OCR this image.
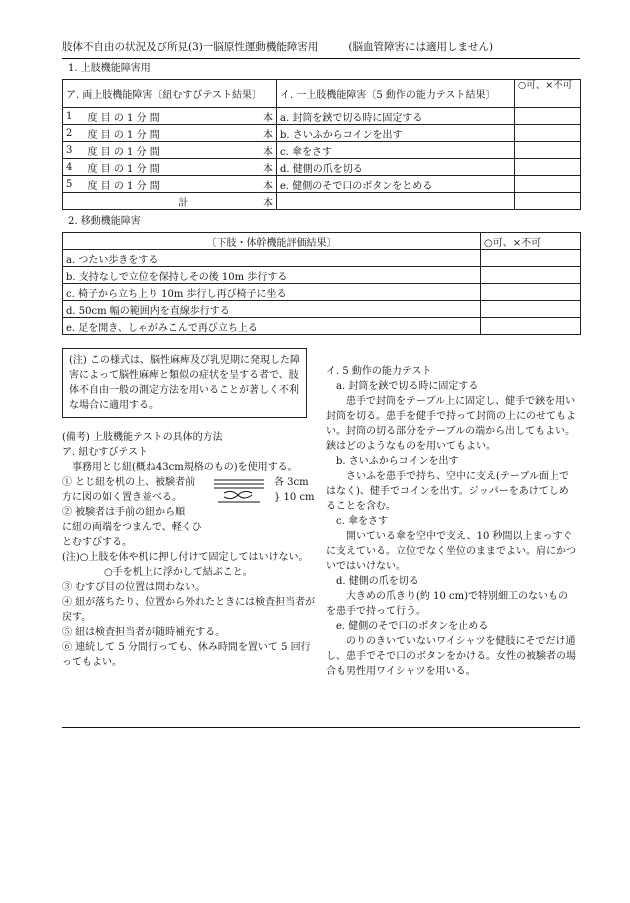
肢体不自由の状況及び所見(3)一脳原性運動機能障害用	(脳血管障害には適用しません)
1. 上肢機能障害用
ア. 両上肢機能障害〔紐むすびテスト結果〕			イ. 一上肢機能障害〔5 動作の能力テスト結果〕	○可、×不可
1	度 目 の 1 分 間	本	a. 封筒を鋏で切る時に固定する	
2	度 目 の 1 分 間	本	b. さいふからコインを出す	
3	度 目 の 1 分 間	本	c. 傘をさす	
4	度 目 の 1 分 間	本	d. 健側の爪を切る	
5	度 目 の 1 分 間	本	e. 健側のそで口のボタンをとめる	
計		本		
2. 移動機能障害
〔下肢・体幹機能評価結果〕	○可、×不可
a. つたい歩きをする	
b. 支持なしで立位を保持しその後 10m 歩行する	
c. 椅子から立ち上り 10m 歩行し再び椅子に坐る	
d. 50cm 幅の範囲内を直線歩行する	
e. 足を開き、しゃがみこんで再び立ち上る	

(注) この様式は、脳性麻痺及び乳児期に発現した障害によって脳性麻痺と類似の症状を呈する者で、肢体不自由一般の測定方法を用いることが著しく不利な場合に適用する。

(備考) 上肢機能テストの具体的方法

ア. 紐むすびテスト

事務用とじ紐(概ね43cm規格のもの)を使用する。

① とじ紐を机の上、被験者前

方に図の如く置き並べる。

各 3cm

} 10 cm

② 被験者は手前の紐から順

に紐の両端をつまんで、軽くひ

とむすびする。

(注)○上肢を体や机に押し付けて固定してはいけない。

○手を机上に浮かして結ぶこと。

③ むすび目の位置は問わない。

④ 紐が落ちたり、位置から外れたときには検査担当者が戻す。

⑤ 紐は検査担当者が随時補充する。

⑥ 連続して 5 分間行っても、休み時間を置いて 5 回行ってもよい。

イ. 5 動作の能力テスト

a. 封筒を鋏で切る時に固定する

患手で封筒をテーブル上に固定し、健手で鋏を用い封筒を切る。患手を健手で持って封筒の上にのせてもよい。封筒の切る部分をテーブルの端から出してもよい。鋏はどのようなものを用いてもよい。

b. さいふからコインを出す

さいふを患手で持ち、空中に支え(テーブル面上ではなく)、健手でコインを出す。ジッパーをあけてしめることを含む。

c. 傘をさす

開いている傘を空中で支え、10 秒間以上まっすぐに支えている。立位でなく坐位のままでよい。肩にかついではいけない。

d. 健側の爪を切る

大きめの爪きり(約 10 cm)で特別細工のないものを患手で持って行う。

e. 健側のそで口のボタンを止める

のりのきいていないワイシャツを健肢にそでだけ通し、患手でそで口のボタンをかける。女性の被験者の場合も男性用ワイシャツを用いる。
